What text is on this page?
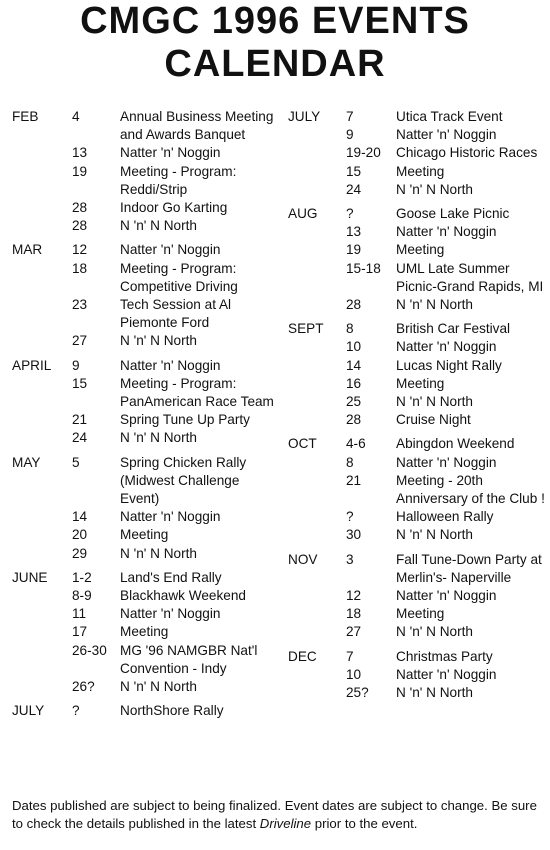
CMGC 1996 EVENTS
CALENDAR
FEB	4	Annual Business Meeting and Awards Banquet
13	Natter 'n' Noggin
19	Meeting - Program: Reddi/Strip
28	Indoor Go Karting
28	N 'n' N North
MAR	12	Natter 'n' Noggin
18	Meeting - Program: Competitive Driving
23	Tech Session at Al Piemonte Ford
27	N 'n' N North
APRIL	9	Natter 'n' Noggin
15	Meeting - Program: PanAmerican Race Team
21	Spring Tune Up Party
24	N 'n' N North
MAY	5	Spring Chicken Rally (Midwest Challenge Event)
14	Natter 'n' Noggin
20	Meeting
29	N 'n' N North
JUNE	1-2	Land's End Rally
8-9	Blackhawk Weekend
11	Natter 'n' Noggin
17	Meeting
26-30 MG '96 NAMGBR Nat'l Convention - Indy
26?	N 'n' N North
JULY	?	NorthShore Rally
JULY	7	Utica Track Event
9	Natter 'n' Noggin
19-20	Chicago Historic Races
15	Meeting
24	N 'n' N North
AUG	?	Goose Lake Picnic
13	Natter 'n' Noggin
19	Meeting
15-18	UML Late Summer Picnic-Grand Rapids, MI
28	N 'n' N North
SEPT	8	British Car Festival
10	Natter 'n' Noggin
14	Lucas Night Rally
16	Meeting
25	N 'n' N North
28	Cruise Night
OCT	4-6	Abingdon Weekend
8	Natter 'n' Noggin
21	Meeting - 20th Anniversary of the Club !
?	Halloween Rally
30	N 'n' N North
NOV	3	Fall Tune-Down Party at Merlin's- Naperville
12	Natter 'n' Noggin
18	Meeting
27	N 'n' N North
DEC	7	Christmas Party
10	Natter 'n' Noggin
25?	N 'n' N North
Dates published are subject to being finalized. Event dates are subject to change. Be sure to check the details published in the latest Driveline prior to the event.
